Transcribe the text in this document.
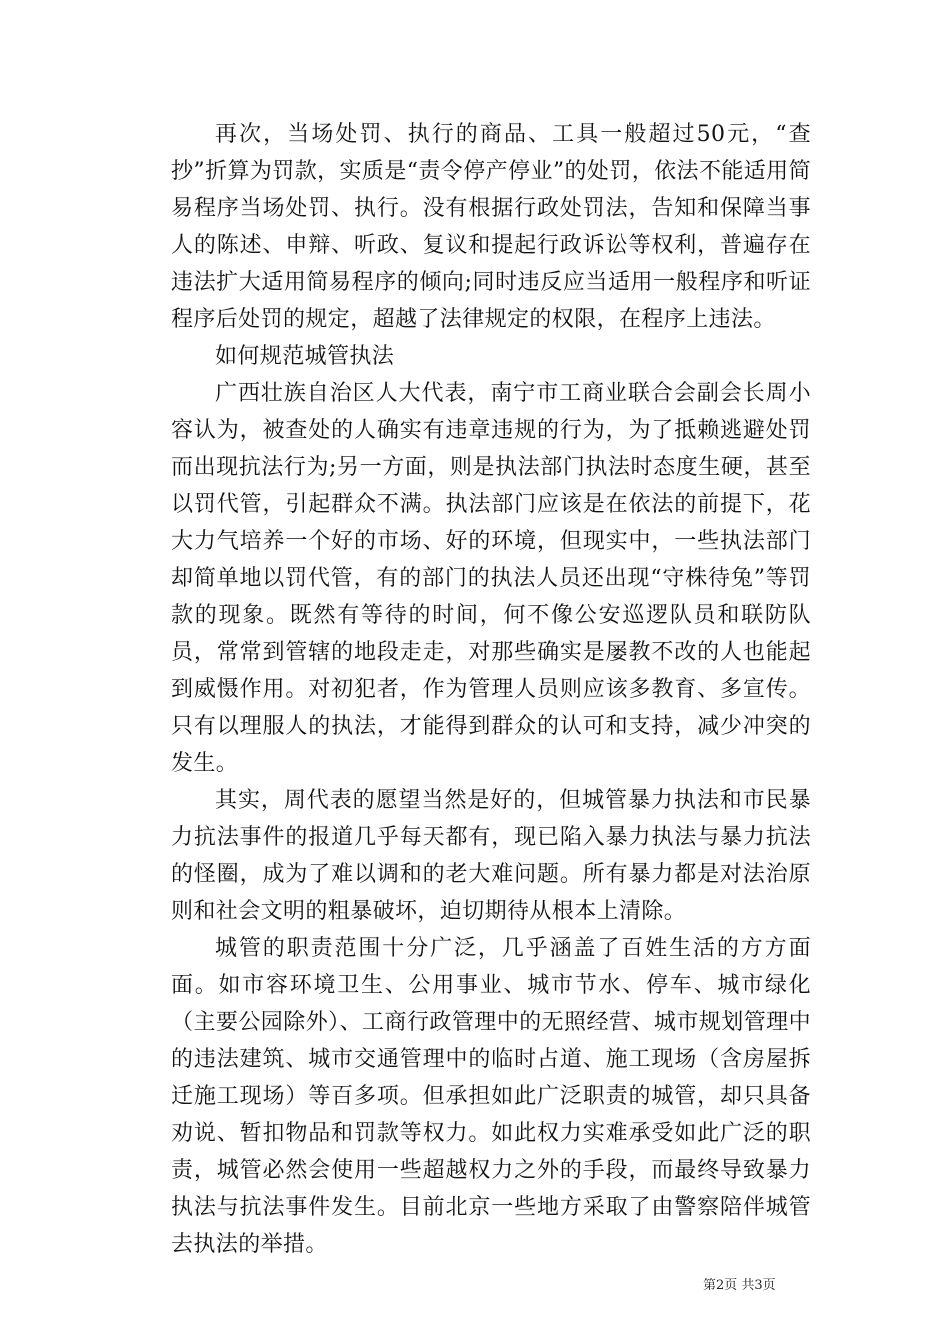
再次，当场处罚、执行的商品、工具一般超过50元，“查抄”折算为罚款，实质是“责令停产停业”的处罚，依法不能适用简易程序当场处罚、执行。没有根据行政处罚法，告知和保障当事人的陈述、申辩、听政、复议和提起行政诉讼等权利，普遍存在违法扩大适用简易程序的倾向;同时违反应当适用一般程序和听证程序后处罚的规定，超越了法律规定的权限，在程序上违法。

如何规范城管执法

广西壮族自治区人大代表，南宁市工商业联合会副会长周小容认为，被查处的人确实有违章违规的行为，为了抵赖逃避处罚而出现抗法行为;另一方面，则是执法部门执法时态度生硬，甚至以罚代管，引起群众不满。执法部门应该是在依法的前提下，花大力气培养一个好的市场、好的环境，但现实中，一些执法部门却简单地以罚代管，有的部门的执法人员还出现“守株待兔”等罚款的现象。既然有等待的时间，何不像公安巡逻队员和联防队员，常常到管辖的地段走走，对那些确实是屡教不改的人也能起到威慑作用。对初犯者，作为管理人员则应该多教育、多宣传。只有以理服人的执法，才能得到群众的认可和支持，减少冲突的发生。

其实，周代表的愿望当然是好的，但城管暴力执法和市民暴力抗法事件的报道几乎每天都有，现已陷入暴力执法与暴力抗法的怪圈，成为了难以调和的老大难问题。所有暴力都是对法治原则和社会文明的粗暴破坏，迫切期待从根本上清除。

城管的职责范围十分广泛，几乎涵盖了百姓生活的方方面面。如市容环境卫生、公用事业、城市节水、停车、城市绿化（主要公园除外）、工商行政管理中的无照经营、城市规划管理中的违法建筑、城市交通管理中的临时占道、施工现场（含房屋拆迁施工现场）等百多项。但承担如此广泛职责的城管，却只具备劝说、暂扣物品和罚款等权力。如此权力实难承受如此广泛的职责，城管必然会使用一些超越权力之外的手段，而最终导致暴力执法与抗法事件发生。目前北京一些地方采取了由警察陪伴城管去执法的举措。

第2页 共3页
